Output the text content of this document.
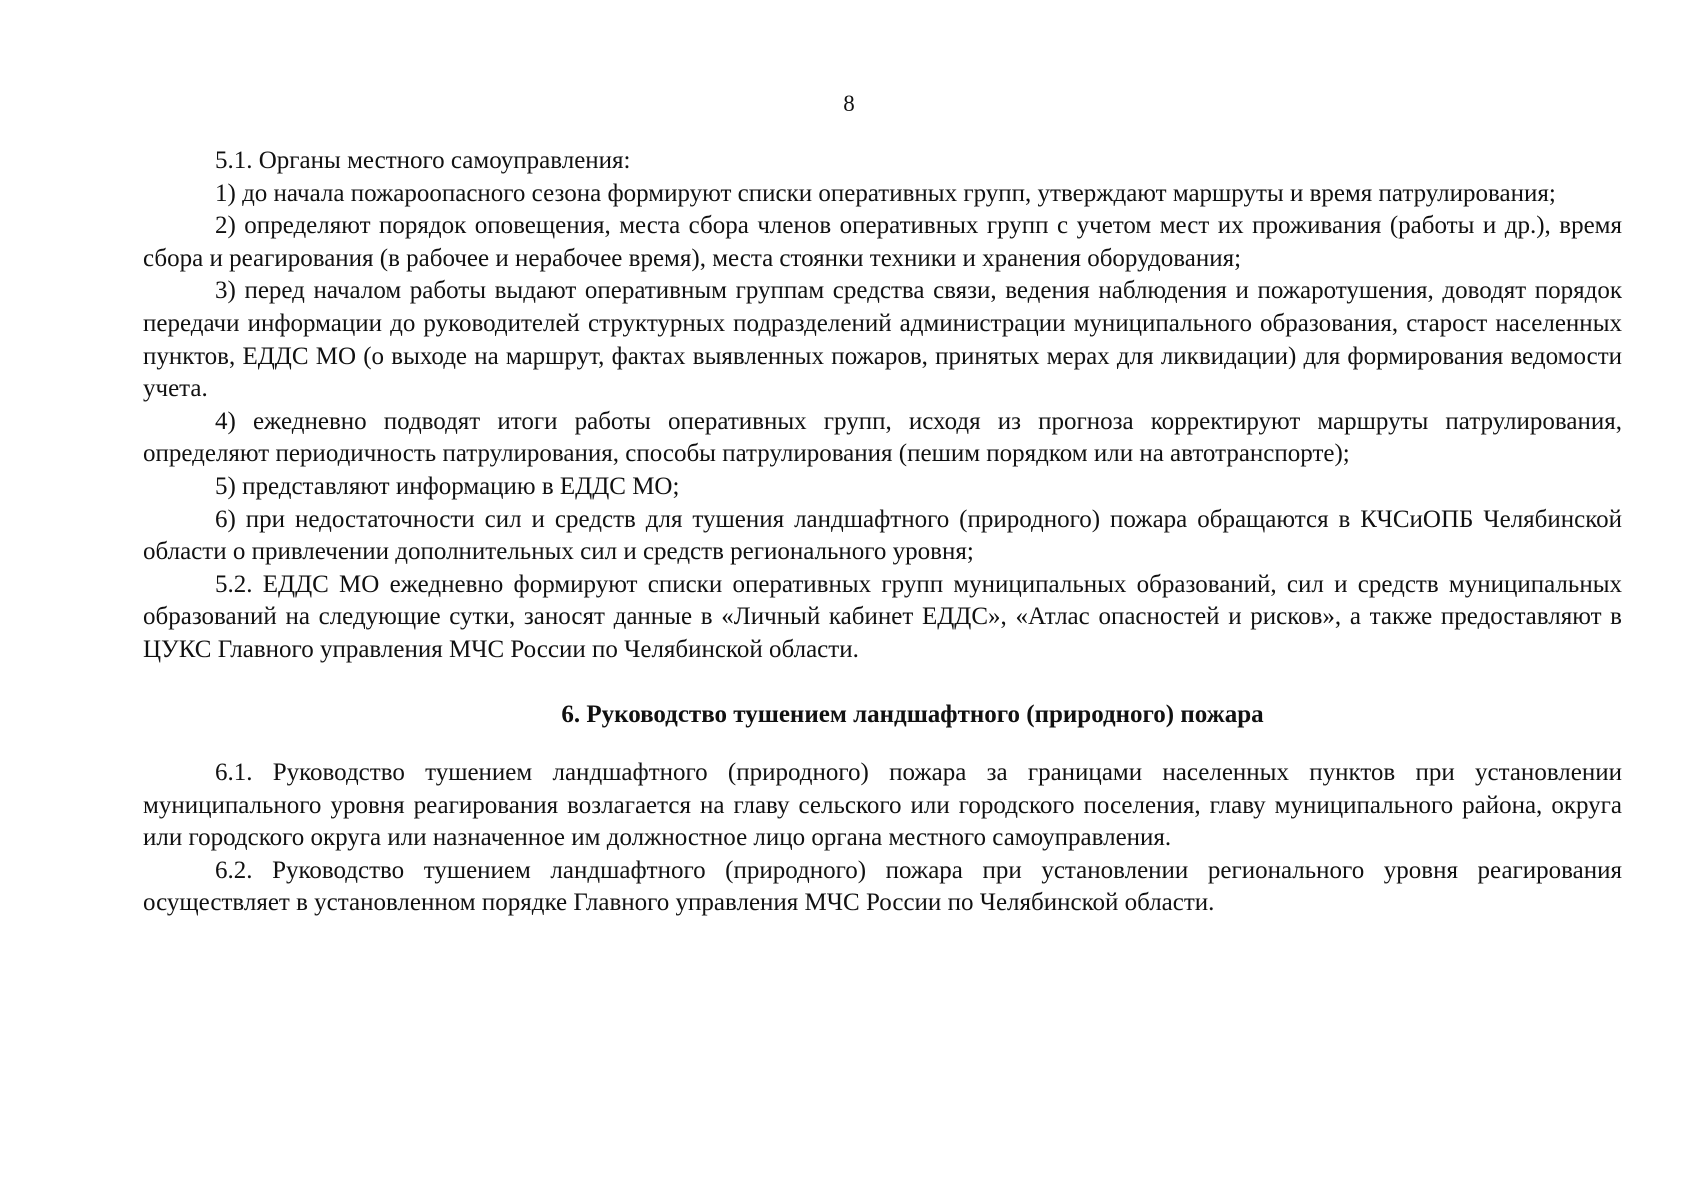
8

5.1. Органы местного самоуправления:

1) до начала пожароопасного сезона формируют списки оперативных групп, утверждают маршруты и время патрулирования;

2) определяют порядок оповещения, места сбора членов оперативных групп с учетом мест их проживания (работы и др.), время сбора и реагирования (в рабочее и нерабочее время), места стоянки техники и хранения оборудования;

3) перед началом работы выдают оперативным группам средства связи, ведения наблюдения и пожаротушения, доводят порядок передачи информации до руководителей структурных подразделений администрации муниципального образования, старост населенных пунктов, ЕДДС МО (о выходе на маршрут, фактах выявленных пожаров, принятых мерах для ликвидации) для формирования ведомости учета.

4) ежедневно подводят итоги работы оперативных групп, исходя из прогноза корректируют маршруты патрулирования, определяют периодичность патрулирования, способы патрулирования (пешим порядком или на автотранспорте);

5) представляют информацию в ЕДДС МО;

6) при недостаточности сил и средств для тушения ландшафтного (природного) пожара обращаются в КЧСиОПБ Челябинской области о привлечении дополнительных сил и средств регионального уровня;

5.2. ЕДДС МО ежедневно формируют списки оперативных групп муниципальных образований, сил и средств муниципальных образований на следующие сутки, заносят данные в «Личный кабинет ЕДДС», «Атлас опасностей и рисков», а также предоставляют в ЦУКС Главного управления МЧС России по Челябинской области.

6. Руководство тушением ландшафтного (природного) пожара

6.1. Руководство тушением ландшафтного (природного) пожара за границами населенных пунктов при установлении муниципального уровня реагирования возлагается на главу сельского или городского поселения, главу муниципального района, округа или городского округа или назначенное им должностное лицо органа местного самоуправления.

6.2. Руководство тушением ландшафтного (природного) пожара при установлении регионального уровня реагирования осуществляет в установленном порядке Главного управления МЧС России по Челябинской области.
